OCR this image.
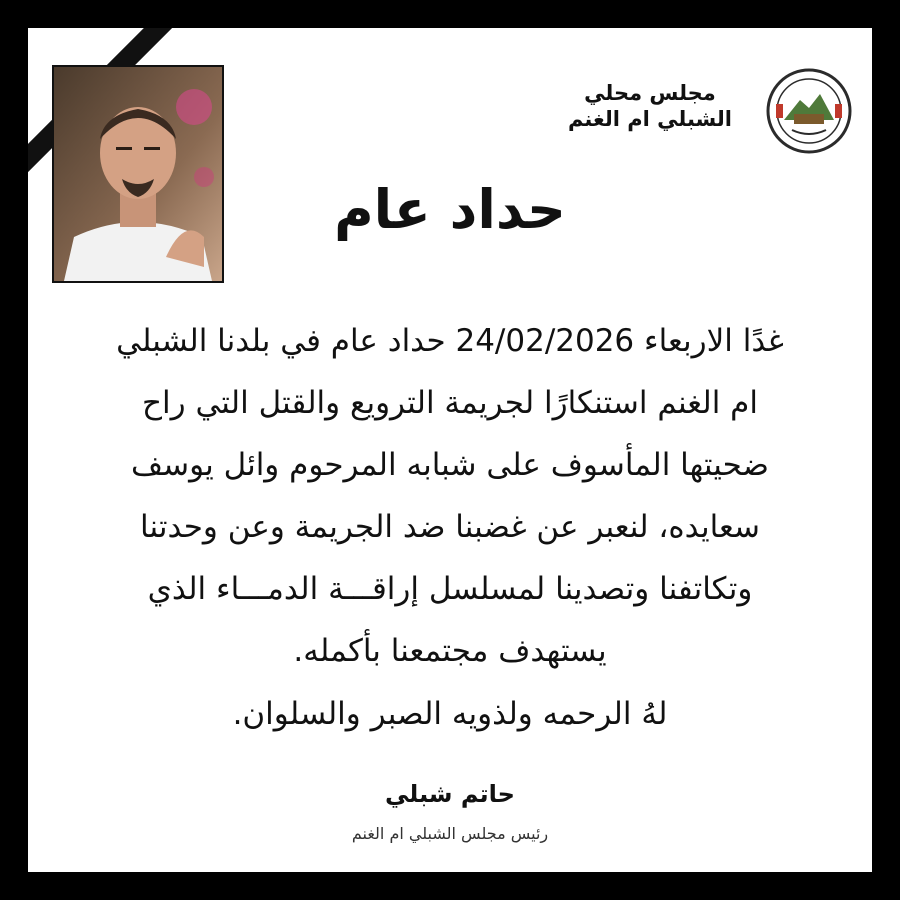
مجلس محلي
الشبلي ام الغنم
حداد عام
غدًا الاربعاء 24/02/2026 حداد عام في بلدنا الشبلي
ام الغنم استنكارًا لجريمة الترويع والقتل التي راح
ضحيتها المأسوف على شبابه المرحوم وائل يوسف
سعايده، لنعبر عن غضبنا ضد الجريمة وعن وحدتنا
وتكاتفنا وتصدينا لمسلسل إراقـــة الدمـــاء الذي
يستهدف مجتمعنا بأكمله.
لهُ الرحمه ولذويه الصبر والسلوان.
حاتم شبلي
رئيس مجلس الشبلي ام الغنم
